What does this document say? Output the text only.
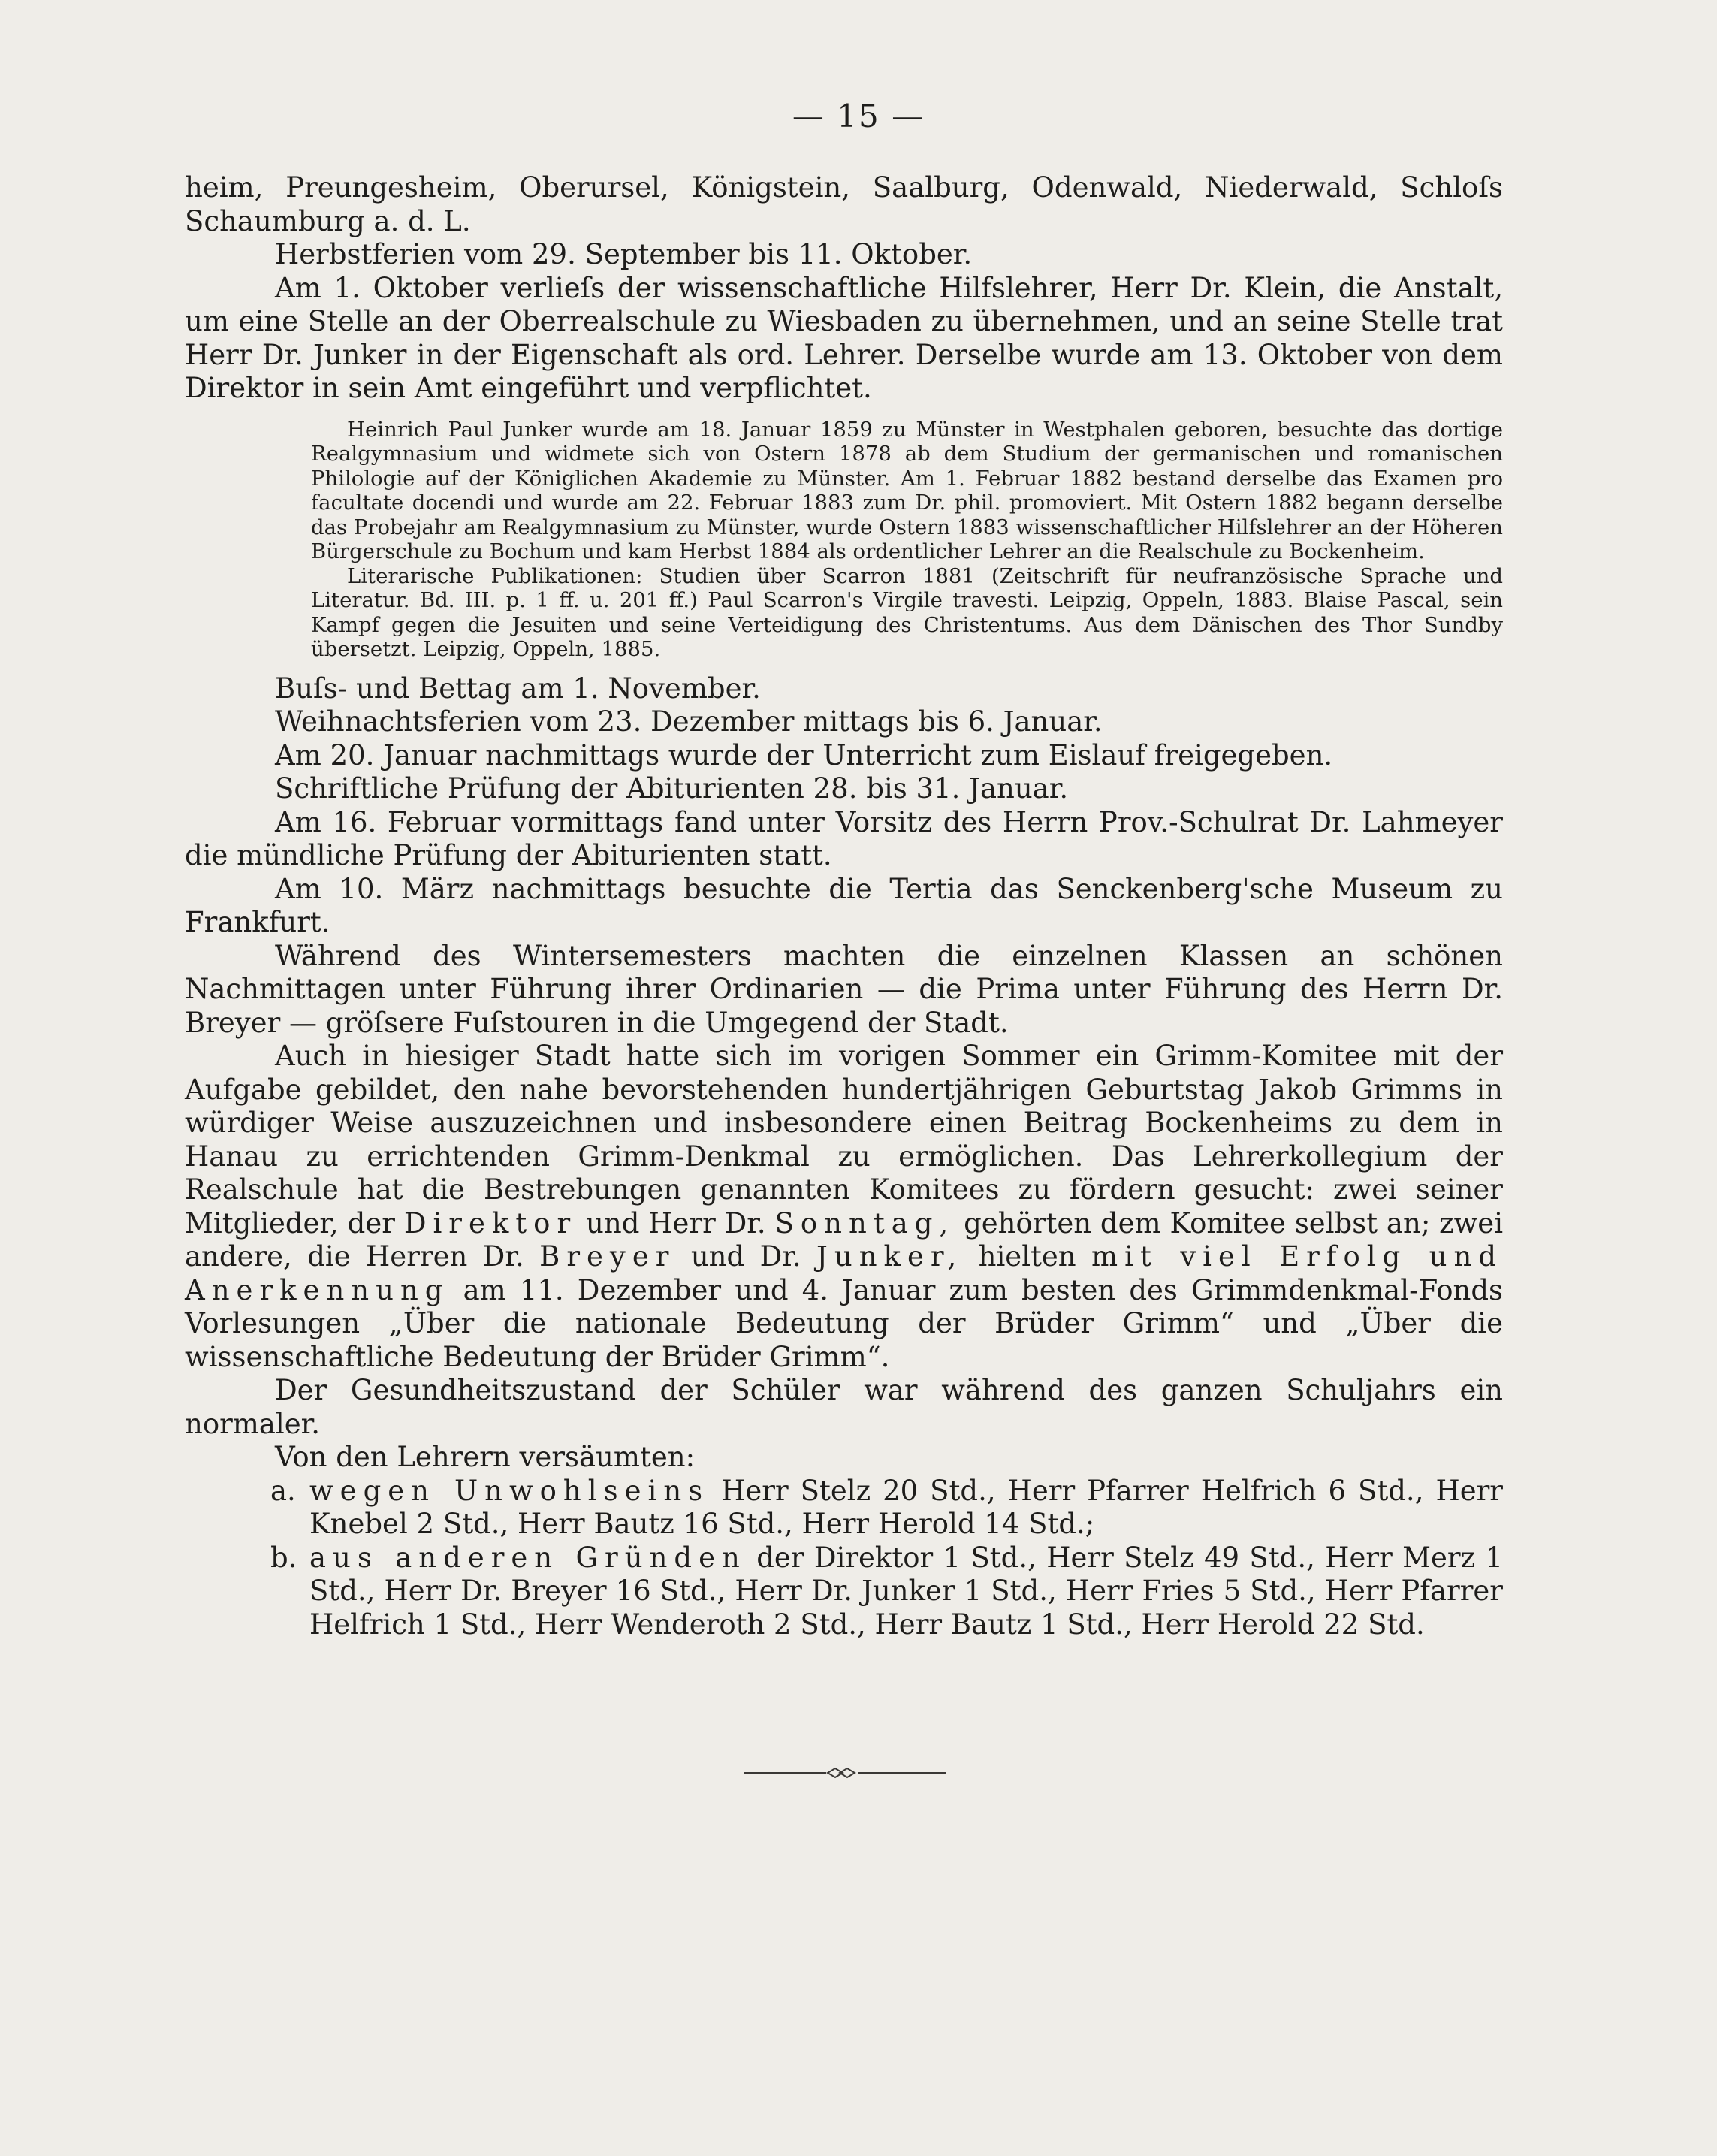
— 15 —

heim, Preungesheim, Oberursel, Königstein, Saalburg, Odenwald, Niederwald, Schloſs Schaumburg a. d. L.

Herbstferien vom 29. September bis 11. Oktober.

Am 1. Oktober verlieſs der wissenschaftliche Hilfslehrer, Herr Dr. Klein, die Anstalt, um eine Stelle an der Oberrealschule zu Wiesbaden zu übernehmen, und an seine Stelle trat Herr Dr. Junker in der Eigenschaft als ord. Lehrer. Derselbe wurde am 13. Oktober von dem Direktor in sein Amt eingeführt und verpflichtet.

Heinrich Paul Junker wurde am 18. Januar 1859 zu Münster in Westphalen geboren, besuchte das dortige Realgymnasium und widmete sich von Ostern 1878 ab dem Studium der germanischen und romanischen Philologie auf der Königlichen Akademie zu Münster. Am 1. Februar 1882 bestand derselbe das Examen pro facultate docendi und wurde am 22. Februar 1883 zum Dr. phil. promoviert. Mit Ostern 1882 begann derselbe das Probejahr am Realgymnasium zu Münster, wurde Ostern 1883 wissenschaftlicher Hilfslehrer an der Höheren Bürgerschule zu Bochum und kam Herbst 1884 als ordentlicher Lehrer an die Realschule zu Bockenheim.

Literarische Publikationen: Studien über Scarron 1881 (Zeitschrift für neufranzösische Sprache und Literatur. Bd. III. p. 1 ff. u. 201 ff.) Paul Scarron's Virgile travesti. Leipzig, Oppeln, 1883. Blaise Pascal, sein Kampf gegen die Jesuiten und seine Verteidigung des Christentums. Aus dem Dänischen des Thor Sundby übersetzt. Leipzig, Oppeln, 1885.

Buſs- und Bettag am 1. November.

Weihnachtsferien vom 23. Dezember mittags bis 6. Januar.

Am 20. Januar nachmittags wurde der Unterricht zum Eislauf freigegeben.

Schriftliche Prüfung der Abiturienten 28. bis 31. Januar.

Am 16. Februar vormittags fand unter Vorsitz des Herrn Prov.-Schulrat Dr. Lahmeyer die mündliche Prüfung der Abiturienten statt.

Am 10. März nachmittags besuchte die Tertia das Senckenberg'sche Museum zu Frankfurt.

Während des Wintersemesters machten die einzelnen Klassen an schönen Nachmittagen unter Führung ihrer Ordinarien — die Prima unter Führung des Herrn Dr. Breyer — gröſsere Fuſstouren in die Umgegend der Stadt.

Auch in hiesiger Stadt hatte sich im vorigen Sommer ein Grimm-Komitee mit der Aufgabe gebildet, den nahe bevorstehenden hundertjährigen Geburtstag Jakob Grimms in würdiger Weise auszuzeichnen und insbesondere einen Beitrag Bockenheims zu dem in Hanau zu errichtenden Grimm-Denkmal zu ermöglichen. Das Lehrerkollegium der Realschule hat die Bestrebungen genannten Komitees zu fördern gesucht: zwei seiner Mitglieder, der Direktor und Herr Dr. Sonntag, gehörten dem Komitee selbst an; zwei andere, die Herren Dr. Breyer und Dr. Junker, hielten mit viel Erfolg und Anerkennung am 11. Dezember und 4. Januar zum besten des Grimmdenkmal-Fonds Vorlesungen „Über die nationale Bedeutung der Brüder Grimm“ und „Über die wissenschaftliche Bedeutung der Brüder Grimm“.

Der Gesundheitszustand der Schüler war während des ganzen Schuljahrs ein normaler.

Von den Lehrern versäumten:

a. wegen Unwohlseins Herr Stelz 20 Std., Herr Pfarrer Helfrich 6 Std., Herr Knebel 2 Std., Herr Bautz 16 Std., Herr Herold 14 Std.;
b. aus anderen Gründen der Direktor 1 Std., Herr Stelz 49 Std., Herr Merz 1 Std., Herr Dr. Breyer 16 Std., Herr Dr. Junker 1 Std., Herr Fries 5 Std., Herr Pfarrer Helfrich 1 Std., Herr Wenderoth 2 Std., Herr Bautz 1 Std., Herr Herold 22 Std.
